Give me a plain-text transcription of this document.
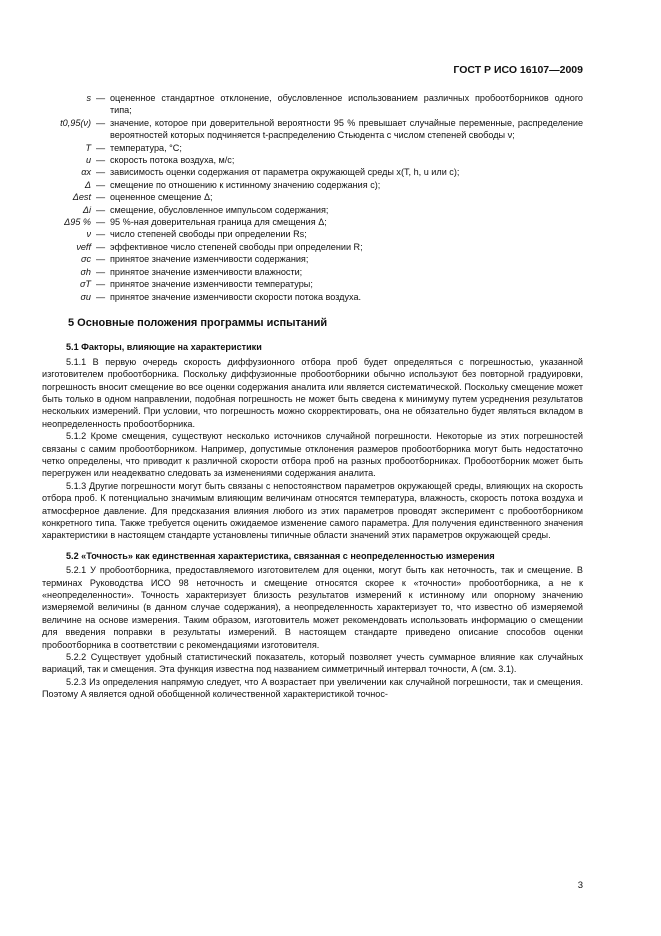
ГОСТ Р ИСО 16107—2009
s — оцененное стандартное отклонение, обусловленное использованием различных пробоотборников одного типа;
t0,95(ν) — значение, которое при доверительной вероятности 95 % превышает случайные переменные, распределение вероятностей которых подчиняется t-распределению Стьюдента с числом степеней свободы ν;
T — температура, °С;
u — скорость потока воздуха, м/с;
αx — зависимость оценки содержания от параметра окружающей среды x(T, h, u или c);
Δ — смещение по отношению к истинному значению содержания c);
Δest — оцененное смещение Δ;
Δi — смещение, обусловленное импульсом содержания;
Δ95 % — 95 %-ная доверительная граница для смещения Δ;
ν — число степеней свободы при определении Rs;
νeff — эффективное число степеней свободы при определении R;
σc — принятое значение изменчивости содержания;
σh — принятое значение изменчивости влажности;
σT — принятое значение изменчивости температуры;
σu — принятое значение изменчивости скорости потока воздуха.
5 Основные положения программы испытаний
5.1 Факторы, влияющие на характеристики

5.1.1 В первую очередь скорость диффузионного отбора проб будет определяться с погрешностью, указанной изготовителем пробоотборника. Поскольку диффузионные пробоотборники обычно используют без повторной градуировки, погрешность вносит смещение во все оценки содержания аналита или является систематической. Поскольку смещение может быть только в одном направлении, подобная погрешность не может быть сведена к минимуму путем усреднения результатов нескольких измерений. При условии, что погрешность можно скорректировать, она не обязательно будет являться вкладом в неопределенность пробоотборника.

5.1.2 Кроме смещения, существуют несколько источников случайной погрешности. Некоторые из этих погрешностей связаны с самим пробоотборником. Например, допустимые отклонения размеров пробоотборника могут быть недостаточно четко определены, что приводит к различной скорости отбора проб на разных пробоотборниках. Пробоотборник может быть перегружен или неадекватно следовать за изменениями содержания аналита.

5.1.3 Другие погрешности могут быть связаны с непостоянством параметров окружающей среды, влияющих на скорость отбора проб. К потенциально значимым влияющим величинам относятся температура, влажность, скорость потока воздуха и атмосферное давление. Для предсказания влияния любого из этих параметров проводят эксперимент с пробоотборником конкретного типа. Также требуется оценить ожидаемое изменение самого параметра. Для получения единственного значения характеристики в настоящем стандарте установлены типичные области значений этих параметров окружающей среды.

5.2 «Точность» как единственная характеристика, связанная с неопределенностью измерения

5.2.1 У пробоотборника, предоставляемого изготовителем для оценки, могут быть как неточность, так и смещение. В терминах Руководства ИСО 98 неточность и смещение относятся скорее к «точности» пробоотборника, а не к «неопределенности». Точность характеризует близость результатов измерений к истинному или опорному значению измеряемой величины (в данном случае содержания), а неопределенность характеризует то, что известно об измеряемой величине на основе измерения. Таким образом, изготовитель может рекомендовать использовать информацию о смещении для введения поправки в результаты измерений. В настоящем стандарте приведено описание способов оценки пробоотборника в соответствии с рекомендациями изготовителя.

5.2.2 Существует удобный статистический показатель, который позволяет учесть суммарное влияние как случайных вариаций, так и смещения. Эта функция известна под названием симметричный интервал точности, A (см. 3.1).

5.2.3 Из определения напрямую следует, что A возрастает при увеличении как случайной погрешности, так и смещения. Поэтому A является одной обобщенной количественной характеристикой точнос-

3
